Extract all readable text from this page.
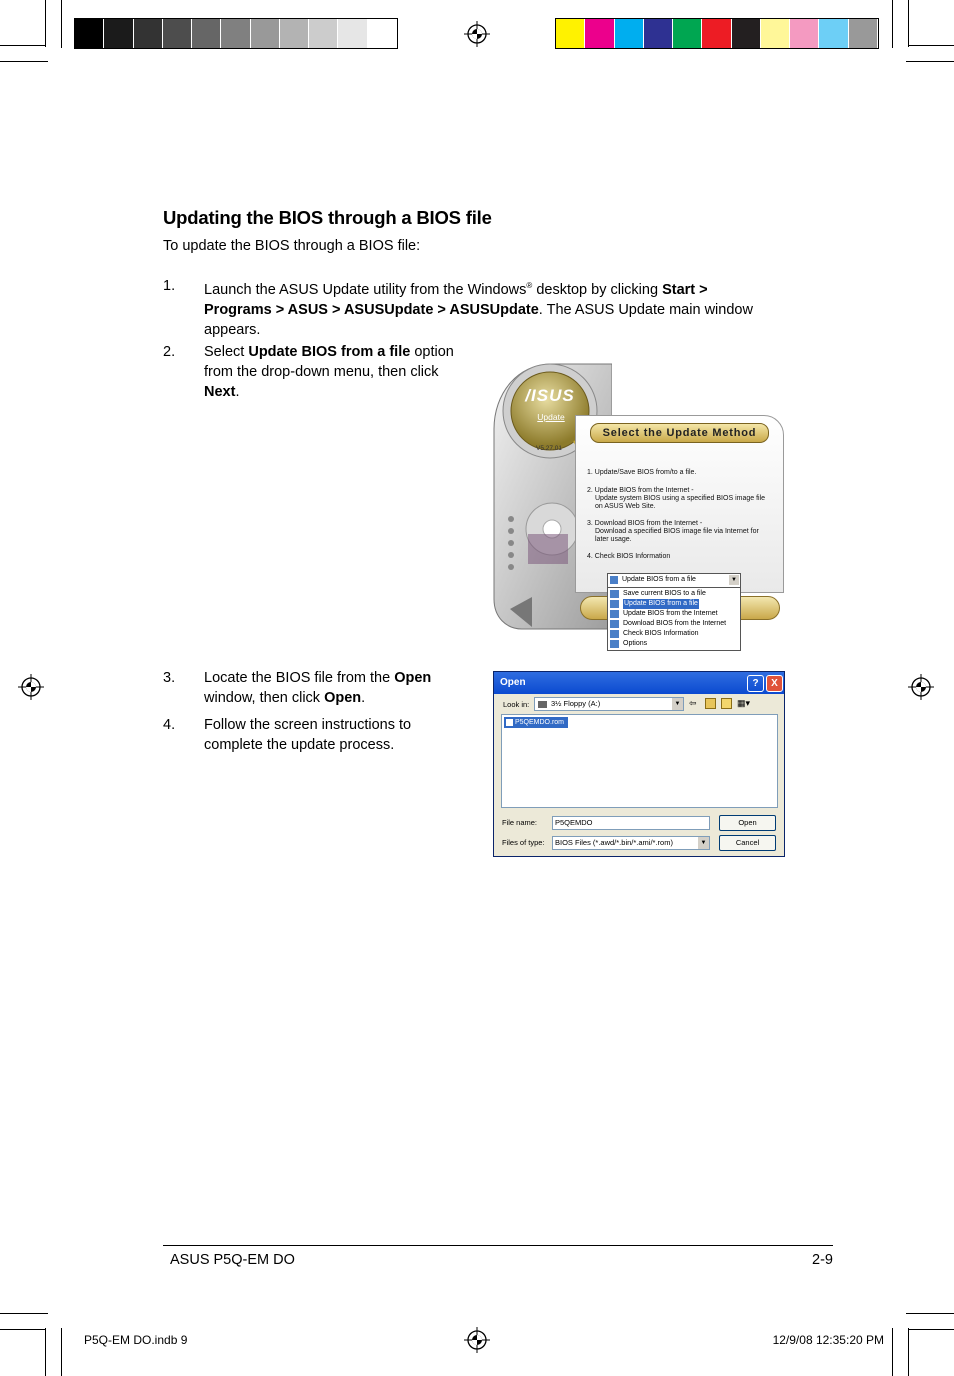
Updating the BIOS through a BIOS file
To update the BIOS through a BIOS file:
1. Launch the ASUS Update utility from the Windows® desktop by clicking Start >
Programs > ASUS > ASUSUpdate > ASUSUpdate. The ASUS Update main window
appears.
2. Select Update BIOS from a file option
from the drop-down menu, then click
Next.
3. Locate the BIOS file from the Open
window, then click Open.
4. Follow the screen instructions to
complete the update process.
/ISUS
Update
V5.27.01
Select the Update Method
1. Update/Save BIOS from/to a file.
2. Update BIOS from the Internet -
Update system BIOS using a specified BIOS image file
on ASUS Web Site.
3. Download BIOS from the Internet -
Download a specified BIOS image file via Internet for
later usage.
4. Check BIOS Information
Update BIOS from a file	▼
Save current BIOS to a file
Update BIOS from a file
Update BIOS from the Internet
Download BIOS from the Internet
Check BIOS Information
Options
Open	?	X
Look in:	3½ Floppy (A:)	▼ ⇦	▦▾
P5QEMDO.rom
File name:	P5QEMDO
Files of type:	BIOS Files (*.awd/*.bin/*.ami/*.rom)	▼
Open
Cancel
ASUS P5Q-EM DO	2-9
P5Q-EM DO.indb 9	12/9/08 12:35:20 PM
